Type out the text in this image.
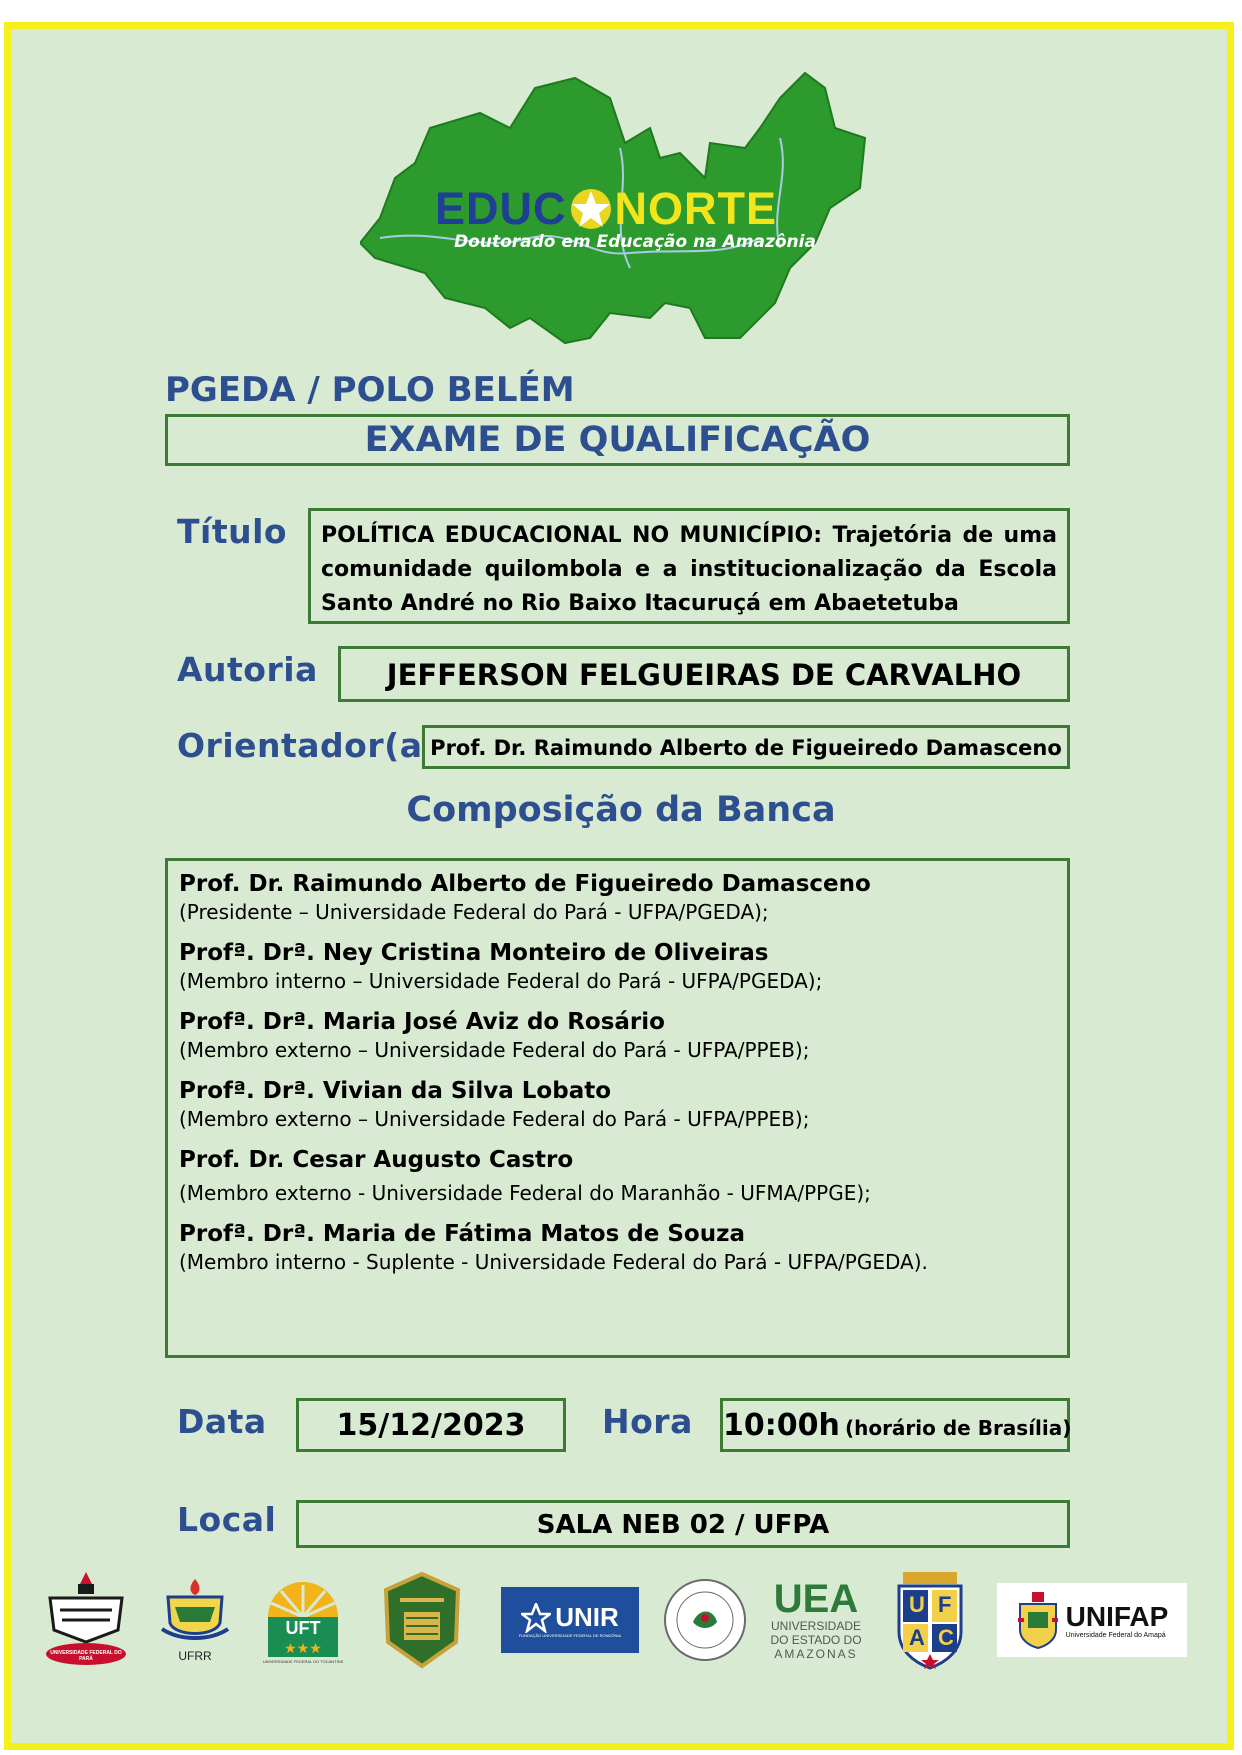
EDUC NORTE
Doutorado em Educação na Amazônia
PGEDA / POLO BELÉM
EXAME DE QUALIFICAÇÃO
Título POLÍTICA EDUCACIONAL NO MUNICÍPIO: Trajetória de uma comunidade quilombola e a institucionalização da Escola Santo André no Rio Baixo Itacuruçá em Abaetetuba
Autoria	JEFFERSON FELGUEIRAS DE CARVALHO
Orientador(a Prof. Dr. Raimundo Alberto de Figueiredo Damasceno
Composição da Banca
Prof. Dr. Raimundo Alberto de Figueiredo Damasceno
(Presidente – Universidade Federal do Pará - UFPA/PGEDA);
Profª. Drª. Ney Cristina Monteiro de Oliveiras
(Membro interno – Universidade Federal do Pará - UFPA/PGEDA);
Profª. Drª. Maria José Aviz do Rosário
(Membro externo – Universidade Federal do Pará - UFPA/PPEB);
Profª. Drª. Vivian da Silva Lobato
(Membro externo – Universidade Federal do Pará - UFPA/PPEB);
Prof. Dr. Cesar Augusto Castro
(Membro externo - Universidade Federal do Maranhão - UFMA/PPGE);
Profª. Drª. Maria de Fátima Matos de Souza
(Membro interno - Suplente - Universidade Federal do Pará - UFPA/PGEDA).
Data	15/12/2023	Hora 10:00h (horário de Brasília)
Local	SALA NEB 02 / UFPA
UNIVERSIDADE FEDERAL DO PARÁ	UFRR
UFT
★★★
UNIVERSIDADE FEDERAL DO TOCANTINS
UNIR
FUNDAÇÃO UNIVERSIDADE FEDERAL DE RONDÔNIA
UEA
UNIVERSIDADE
DO ESTADO DO
AMAZONAS
U F
A C
UNIFAP
Universidade Federal do Amapá
